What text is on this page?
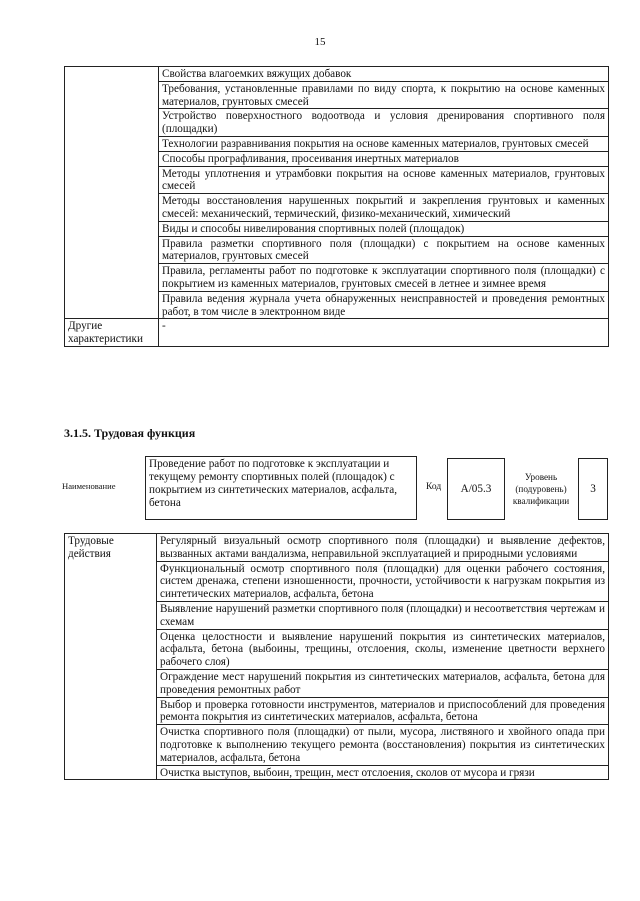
15
	Свойства влагоемких вяжущих добавок
	Требования, установленные правилами по виду спорта, к покрытию на основе каменных материалов, грунтовых смесей
	Устройство поверхностного водоотвода и условия дренирования спортивного поля (площадки)
	Технологии разравнивания покрытия на основе каменных материалов, грунтовых смесей
	Способы прографливания, просеивания инертных материалов
	Методы уплотнения и утрамбовки покрытия на основе каменных материалов, грунтовых смесей
	Методы восстановления нарушенных покрытий и закрепления грунтовых и каменных смесей: механический, термический, физико-механический, химический
	Виды и способы нивелирования спортивных полей (площадок)
	Правила разметки спортивного поля (площадки) с покрытием на основе каменных материалов, грунтовых смесей
	Правила, регламенты работ по подготовке к эксплуатации спортивного поля (площадки) с покрытием из каменных материалов, грунтовых смесей в летнее и зимнее время
	Правила ведения журнала учета обнаруженных неисправностей и проведения ремонтных работ, в том числе в электронном виде
Другие характеристики	-
3.1.5. Трудовая функция
Наименование
Проведение работ по подготовке к эксплуатации и текущему ремонту спортивных полей (площадок) с покрытием из синтетических материалов, асфальта, бетона
Код	A/05.3
Уровень (подуровень) квалификации
3
Трудовые действия	Регулярный визуальный осмотр спортивного поля (площадки) и выявление дефектов, вызванных актами вандализма, неправильной эксплуатацией и природными условиями
Функциональный осмотр спортивного поля (площадки) для оценки рабочего состояния, систем дренажа, степени изношенности, прочности, устойчивости к нагрузкам покрытия из синтетических материалов, асфальта, бетона
Выявление нарушений разметки спортивного поля (площадки) и несоответствия чертежам и схемам
Оценка целостности и выявление нарушений покрытия из синтетических материалов, асфальта, бетона (выбоины, трещины, отслоения, сколы, изменение цветности верхнего рабочего слоя)
Ограждение мест нарушений покрытия из синтетических материалов, асфальта, бетона для проведения ремонтных работ
Выбор и проверка готовности инструментов, материалов и приспособлений для проведения ремонта покрытия из синтетических материалов, асфальта, бетона
Очистка спортивного поля (площадки) от пыли, мусора, листвяного и хвойного опада при подготовке к выполнению текущего ремонта (восстановления) покрытия из синтетических материалов, асфальта, бетона
Очистка выступов, выбоин, трещин, мест отслоения, сколов от мусора и грязи
